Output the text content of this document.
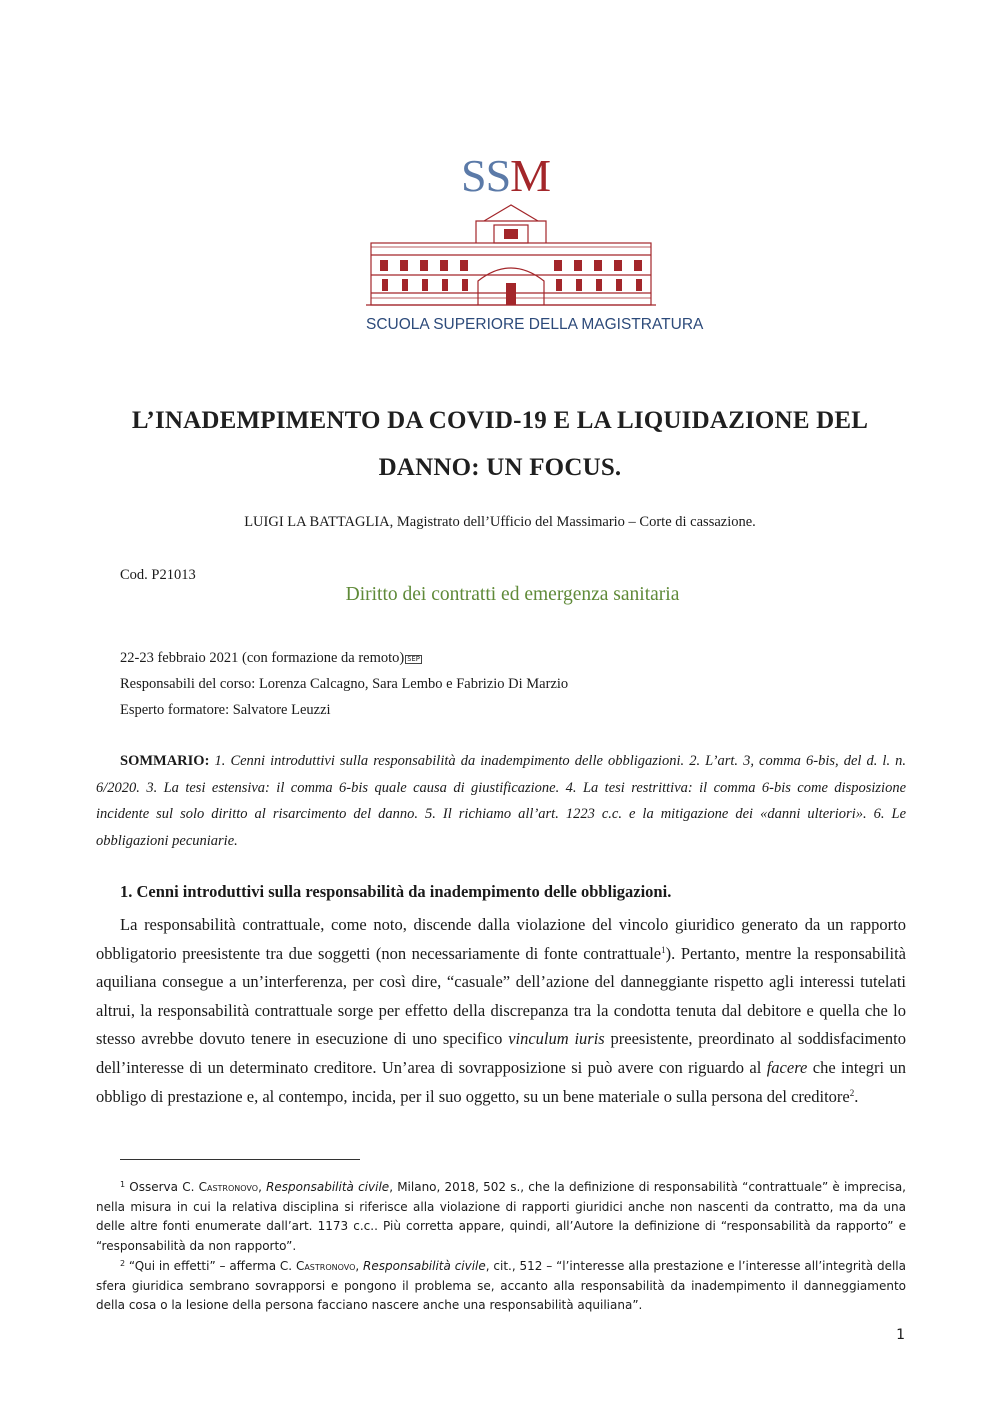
SSM
SCUOLA SUPERIORE DELLA MAGISTRATURA
L’INADEMPIMENTO DA COVID-19 E LA LIQUIDAZIONE DEL
DANNO: UN FOCUS.
LUIGI LA BATTAGLIA, Magistrato dell’Ufficio del Massimario – Corte di cassazione.
Cod. P21013
Diritto dei contratti ed emergenza sanitaria
22-23 febbraio 2021 (con formazione da remoto) SEP
Responsabili del corso: Lorenza Calcagno, Sara Lembo e Fabrizio Di Marzio
Esperto formatore: Salvatore Leuzzi
SOMMARIO: 1. Cenni introduttivi sulla responsabilità da inadempimento delle obbligazioni. 2. L’art. 3, comma 6-bis, del d. l. n. 6/2020. 3. La tesi estensiva: il comma 6-bis quale causa di giustificazione. 4. La tesi restrittiva: il comma 6-bis come disposizione incidente sul solo diritto al risarcimento del danno. 5. Il richiamo all’art. 1223 c.c. e la mitigazione dei «danni ulteriori». 6. Le obbligazioni pecuniarie.
1. Cenni introduttivi sulla responsabilità da inadempimento delle obbligazioni.
La responsabilità contrattuale, come noto, discende dalla violazione del vincolo giuridico generato da un rapporto obbligatorio preesistente tra due soggetti (non necessariamente di fonte contrattuale$^1$). Pertanto, mentre la responsabilità aquiliana consegue a un’interferenza, per così dire, “casuale” dell’azione del danneggiante rispetto agli interessi tutelati altrui, la responsabilità contrattuale sorge per effetto della discrepanza tra la condotta tenuta dal debitore e quella che lo stesso avrebbe dovuto tenere in esecuzione di uno specifico vinculum iuris preesistente, preordinato al soddisfacimento dell’interesse di un determinato creditore. Un’area di sovrapposizione si può avere con riguardo al facere che integri un obbligo di prestazione e, al contempo, incida, per il suo oggetto, su un bene materiale o sulla persona del creditore$^2$.
$^1$ Osserva C. Castronovo, Responsabilità civile, Milano, 2018, 502 s., che la definizione di responsabilità “contrattuale” è imprecisa, nella misura in cui la relativa disciplina si riferisce alla violazione di rapporti giuridici anche non nascenti da contratto, ma da una delle altre fonti enumerate dall’art. 1173 c.c.. Più corretta appare, quindi, all’Autore la definizione di “responsabilità da rapporto” e “responsabilità da non rapporto”.
$^2$ “Qui in effetti” – afferma C. Castronovo, Responsabilità civile, cit., 512 – “l’interesse alla prestazione e l’interesse all’integrità della sfera giuridica sembrano sovrapporsi e pongono il problema se, accanto alla responsabilità da inadempimento il danneggiamento della cosa o la lesione della persona facciano nascere anche una responsabilità aquiliana”.
1
